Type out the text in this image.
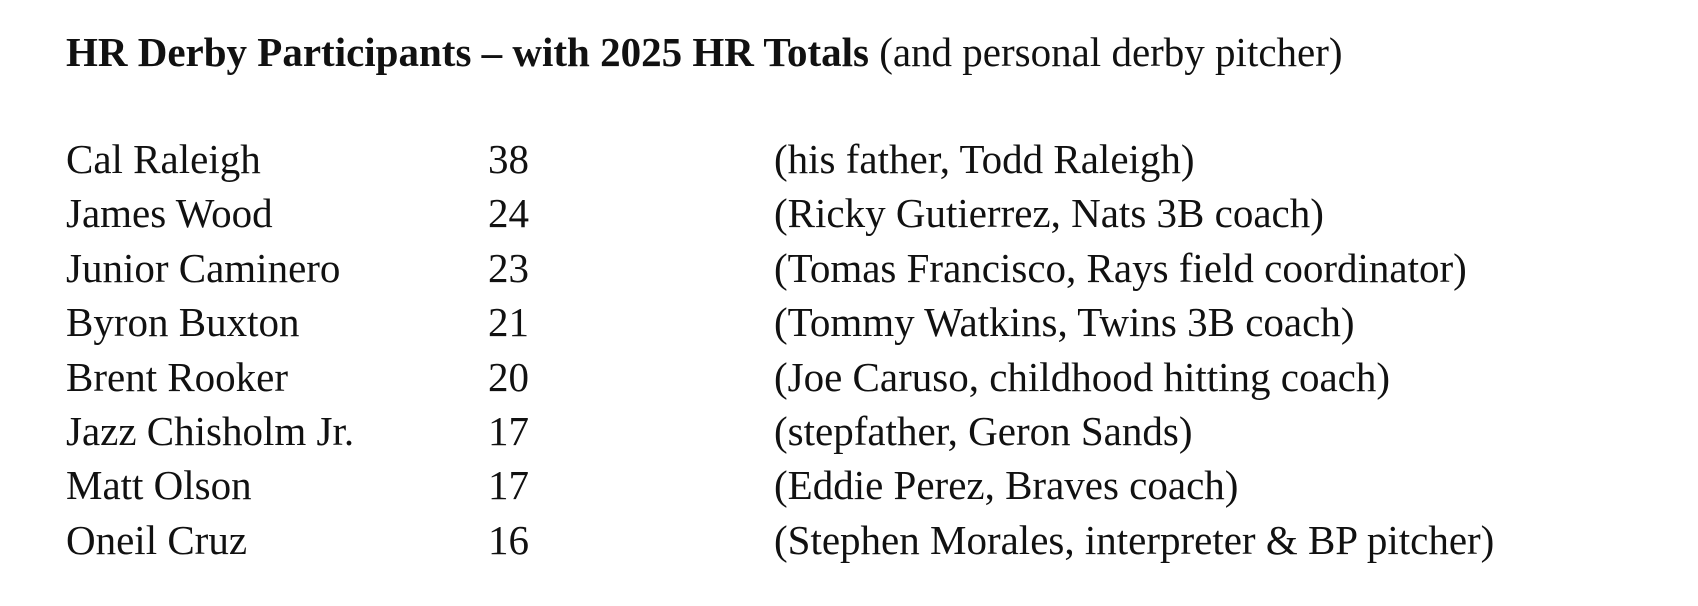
HR Derby Participants – with 2025 HR Totals (and personal derby pitcher)
Cal Raleigh	38	(his father, Todd Raleigh)
James Wood	24	(Ricky Gutierrez, Nats 3B coach)
Junior Caminero	23	(Tomas Francisco, Rays field coordinator)
Byron Buxton	21	(Tommy Watkins, Twins 3B coach)
Brent Rooker	20	(Joe Caruso, childhood hitting coach)
Jazz Chisholm Jr.	17	(stepfather, Geron Sands)
Matt Olson	17	(Eddie Perez, Braves coach)
Oneil Cruz	16	(Stephen Morales, interpreter & BP pitcher)
